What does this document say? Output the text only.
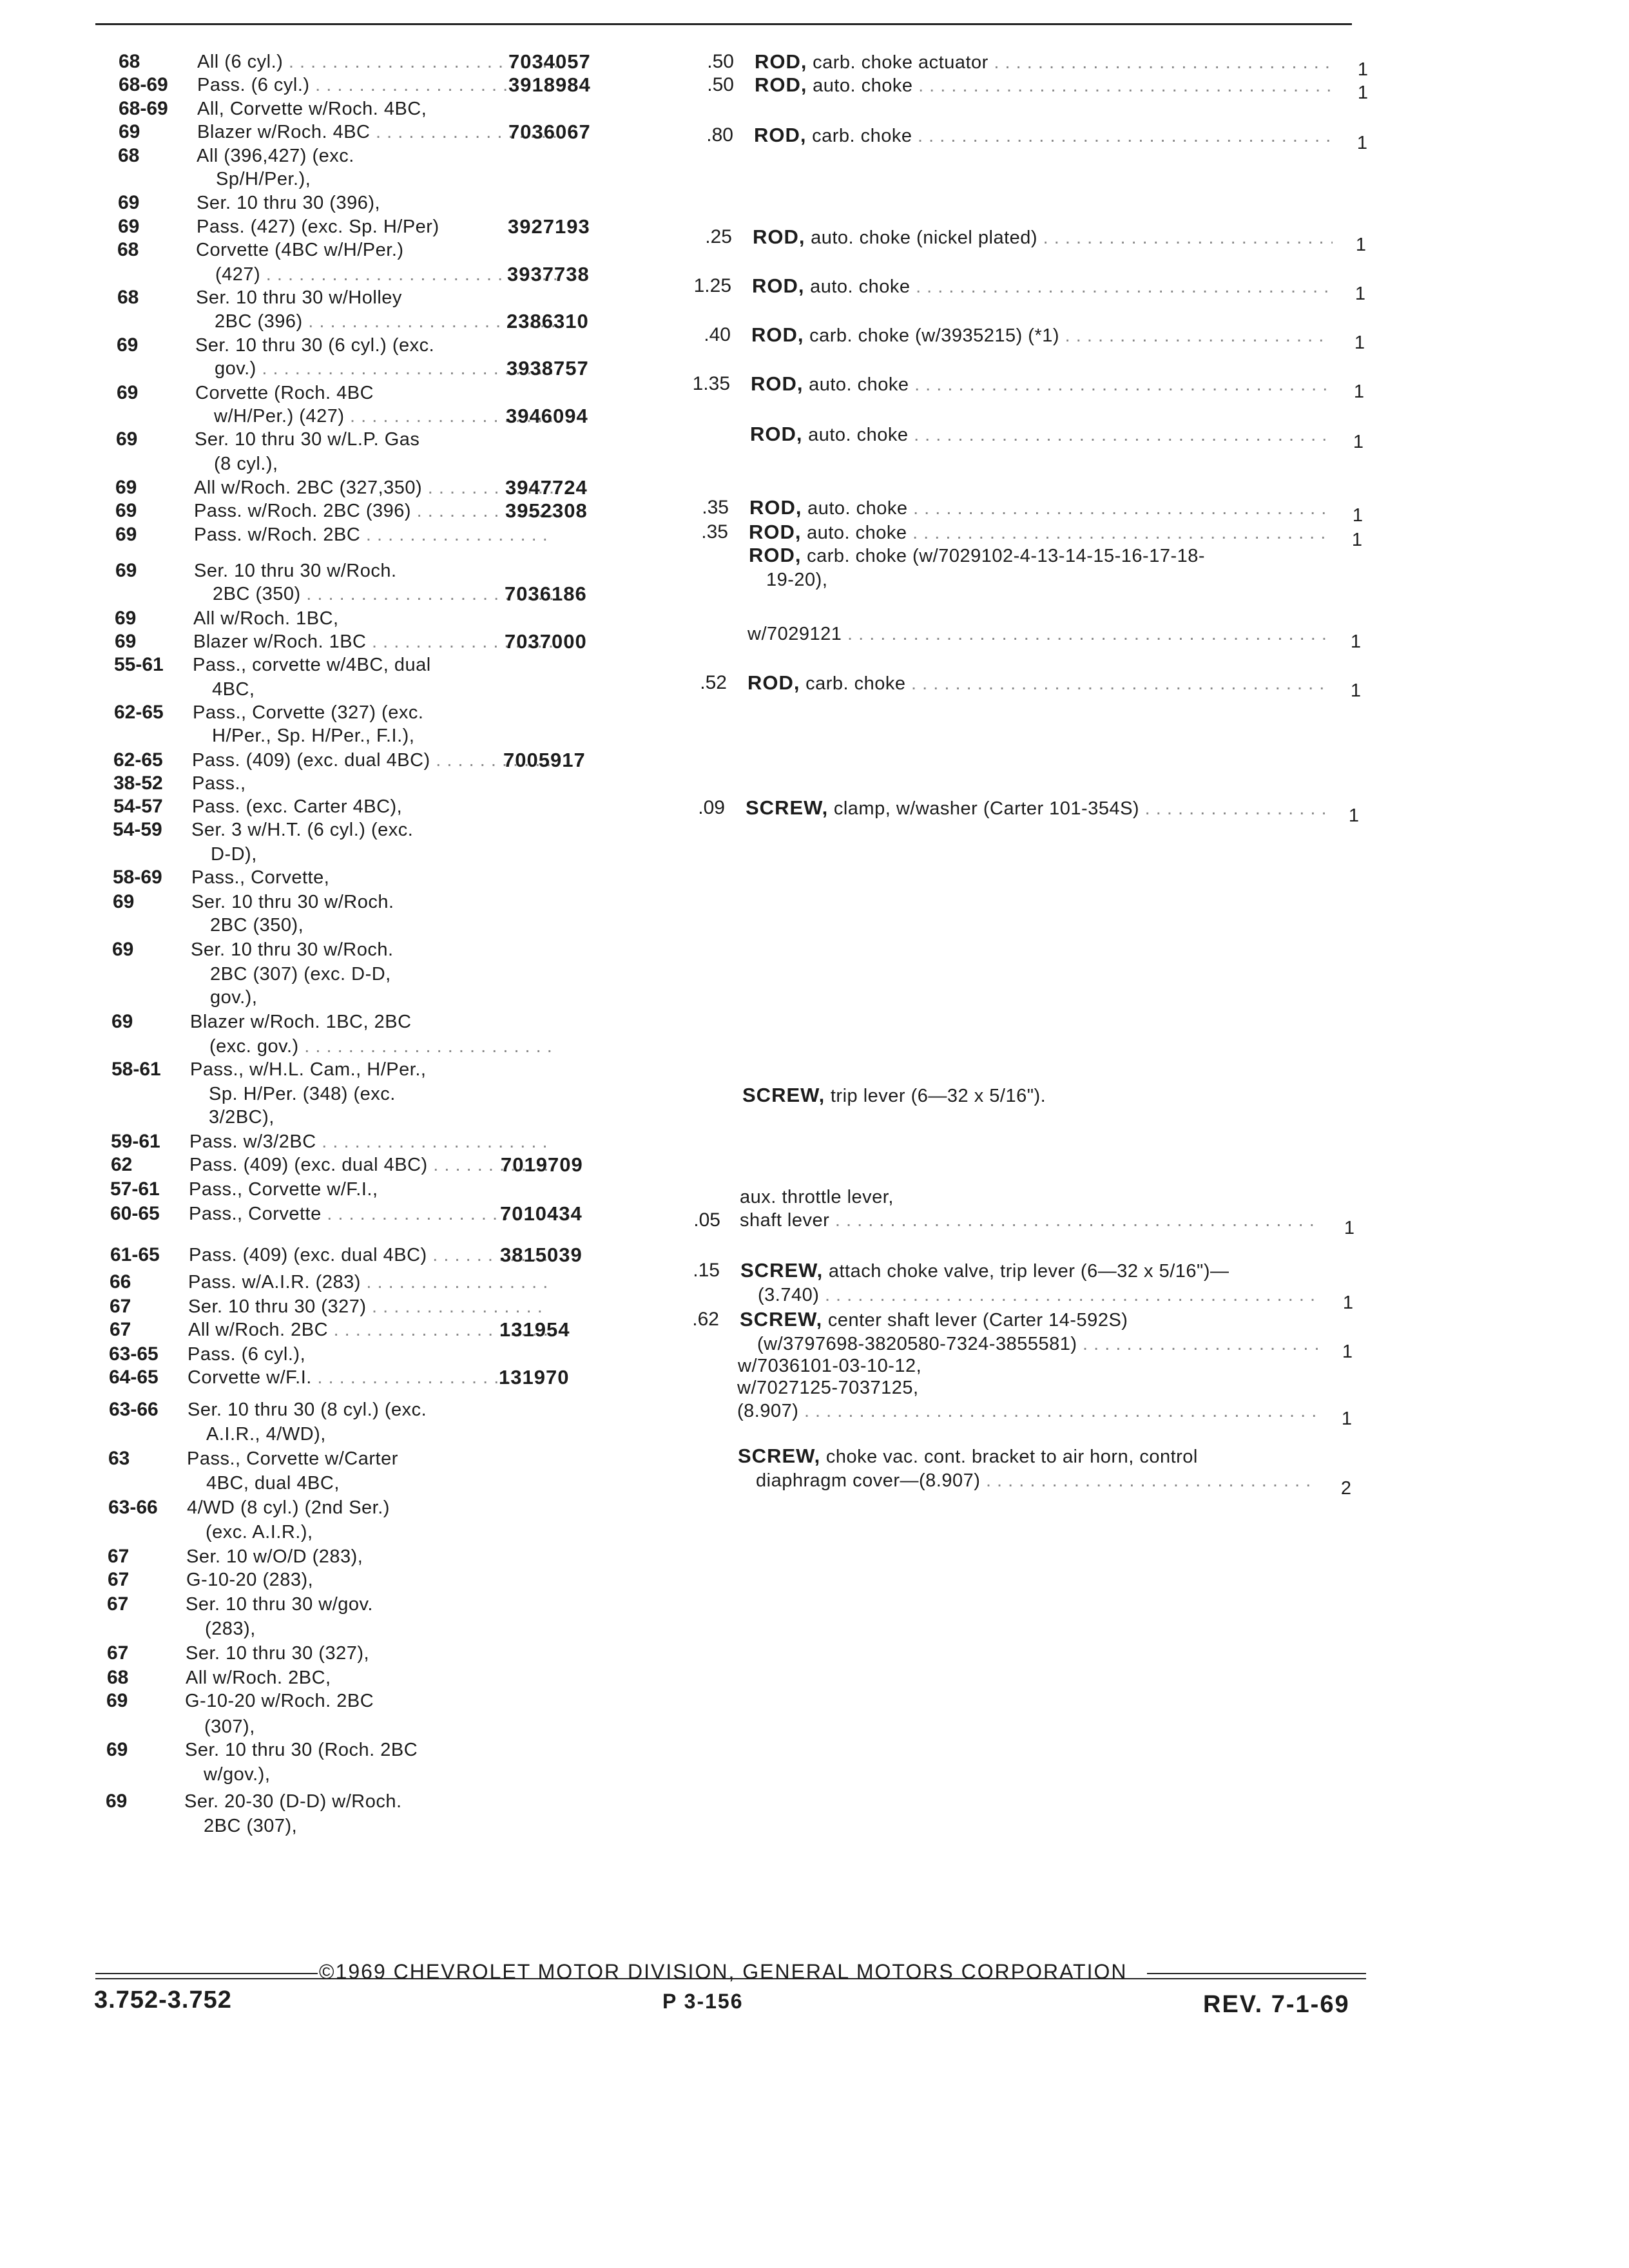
68	All (6 cyl.) . . .	7034057
68-69	Pass. (6 cyl.) . . .	3918984
68-69	All, Corvette w/Roch. 4BC,
69	Blazer w/Roch. 4BC . . .	7036067
68	All (396,427) (exc.
Sp/H/Per.),
69	Ser. 10 thru 30 (396),
69	Pass. (427) (exc. Sp. H/Per)	3927193
68	Corvette (4BC w/H/Per.)
(427) . . .	3937738
68	Ser. 10 thru 30 w/Holley
2BC (396) . . .	2386310
69	Ser. 10 thru 30 (6 cyl.) (exc.
gov.) . . .	3938757
69	Corvette (Roch. 4BC
w/H/Per.) (427) . . .	3946094
69	Ser. 10 thru 30 w/L.P. Gas
(8 cyl.),
69	All w/Roch. 2BC (327,350) . . .	3947724
69	Pass. w/Roch. 2BC (396) . . .	3952308
69	Pass. w/Roch. 2BC . . .
69	Ser. 10 thru 30 w/Roch.
2BC (350) . . .	7036186
69	All w/Roch. 1BC,
69	Blazer w/Roch. 1BC . . .	7037000
55-61	Pass., corvette w/4BC, dual
4BC,
62-65	Pass., Corvette (327) (exc.
H/Per., Sp. H/Per., F.I.),
62-65	Pass. (409) (exc. dual 4BC) . . .	7005917
38-52	Pass.,
54-57	Pass. (exc. Carter 4BC),
54-59	Ser. 3 w/H.T. (6 cyl.) (exc.
D-D),
58-69	Pass., Corvette,
69	Ser. 10 thru 30 w/Roch.
2BC (350),
69	Ser. 10 thru 30 w/Roch.
2BC (307) (exc. D-D,
gov.),
69	Blazer w/Roch. 1BC, 2BC
(exc. gov.) . . .
58-61	Pass., w/H.L. Cam., H/Per.,
Sp. H/Per. (348) (exc.
3/2BC),
59-61	Pass. w/3/2BC . . .
62	Pass. (409) (exc. dual 4BC) . . .	7019709
57-61	Pass., Corvette w/F.I.,
60-65	Pass., Corvette . . .	7010434
61-65	Pass. (409) (exc. dual 4BC) . . .	3815039
66	Pass. w/A.I.R. (283) . . .
67	Ser. 10 thru 30 (327) . . .
67	All w/Roch. 2BC . . .	131954
63-65	Pass. (6 cyl.),
64-65	Corvette w/F.I. . . .	131970
63-66	Ser. 10 thru 30 (8 cyl.) (exc.
A.I.R., 4/WD),
63	Pass., Corvette w/Carter
4BC, dual 4BC,
63-66	4/WD (8 cyl.) (2nd Ser.)
(exc. A.I.R.),
67	Ser. 10 w/O/D (283),
67	G-10-20 (283),
67	Ser. 10 thru 30 w/gov.
(283),
67	Ser. 10 thru 30 (327),
68	All w/Roch. 2BC,
69	G-10-20 w/Roch. 2BC
(307),
69	Ser. 10 thru 30 (Roch. 2BC
w/gov.),
69	Ser. 20-30 (D-D) w/Roch.
2BC (307),
.50 ROD, carb. choke actuator . . .	1
.50 ROD, auto. choke . . .	1
.80 ROD, carb. choke . . .	1
.25 ROD, auto. choke (nickel plated) . . .	1
1.25 ROD, auto. choke . . .	1
.40 ROD, carb. choke (w/3935215) (*1) . . .	1
1.35 ROD, auto. choke . . .	1
ROD, auto. choke . . .	1
.35 ROD, auto. choke . . .	1
.35 ROD, auto. choke . . .	1
ROD, carb. choke (w/7029102-4-13-14-15-16-17-18-
19-20),
w/7029121 . . .	1
.52 ROD, carb. choke . . .	1
.09 SCREW, clamp, w/washer (Carter 101-354S) . . .	1
SCREW, trip lever (6—32 x 5/16").
aux. throttle lever,
.05 shaft lever . . .	1
.15 SCREW, attach choke valve, trip lever (6—32 x 5/16")—
(3.740) . . .	1
.62 SCREW, center shaft lever (Carter 14-592S)
(w/3797698-3820580-7324-3855581) . . .	1
w/7036101-03-10-12,
w/7027125-7037125,
(8.907) . . .	1
SCREW, choke vac. cont. bracket to air horn, control
diaphragm cover—(8.907) . . .	2
©1969 CHEVROLET MOTOR DIVISION, GENERAL MOTORS CORPORATION
3.752-3.752	P 3-156	REV. 7-1-69
